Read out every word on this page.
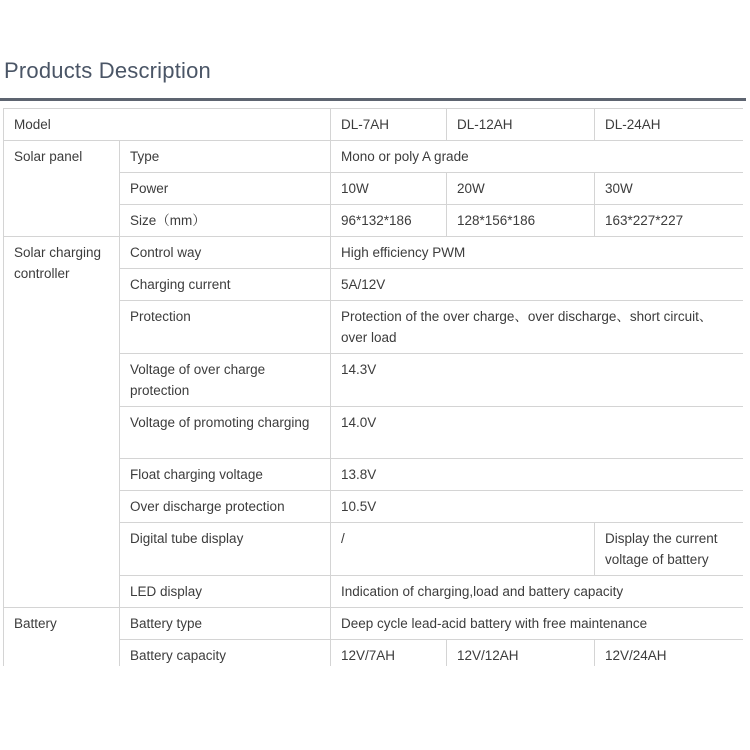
Products Description
Model		DL-7AH	DL-12AH	DL-24AH
Solar panel	Type	Mono or poly A grade		
	Power	10W	20W	30W
	Size（mm）	96*132*186	128*156*186	163*227*227
Solar charging controller	Control way	High efficiency PWM		
	Charging current	5A/12V		
	Protection	Protection of the over charge、over discharge、short circuit、over load		
	Voltage of over charge protection	14.3V		
	Voltage of promoting charging	14.0V		
	Float charging voltage	13.8V		
	Over discharge protection	10.5V		
	Digital tube display	/		Display the current voltage of battery
	LED display	Indication of charging,load and battery capacity		
Battery	Battery type	Deep cycle lead-acid battery with free maintenance		
	Battery capacity	12V/7AH	12V/12AH	12V/24AH
